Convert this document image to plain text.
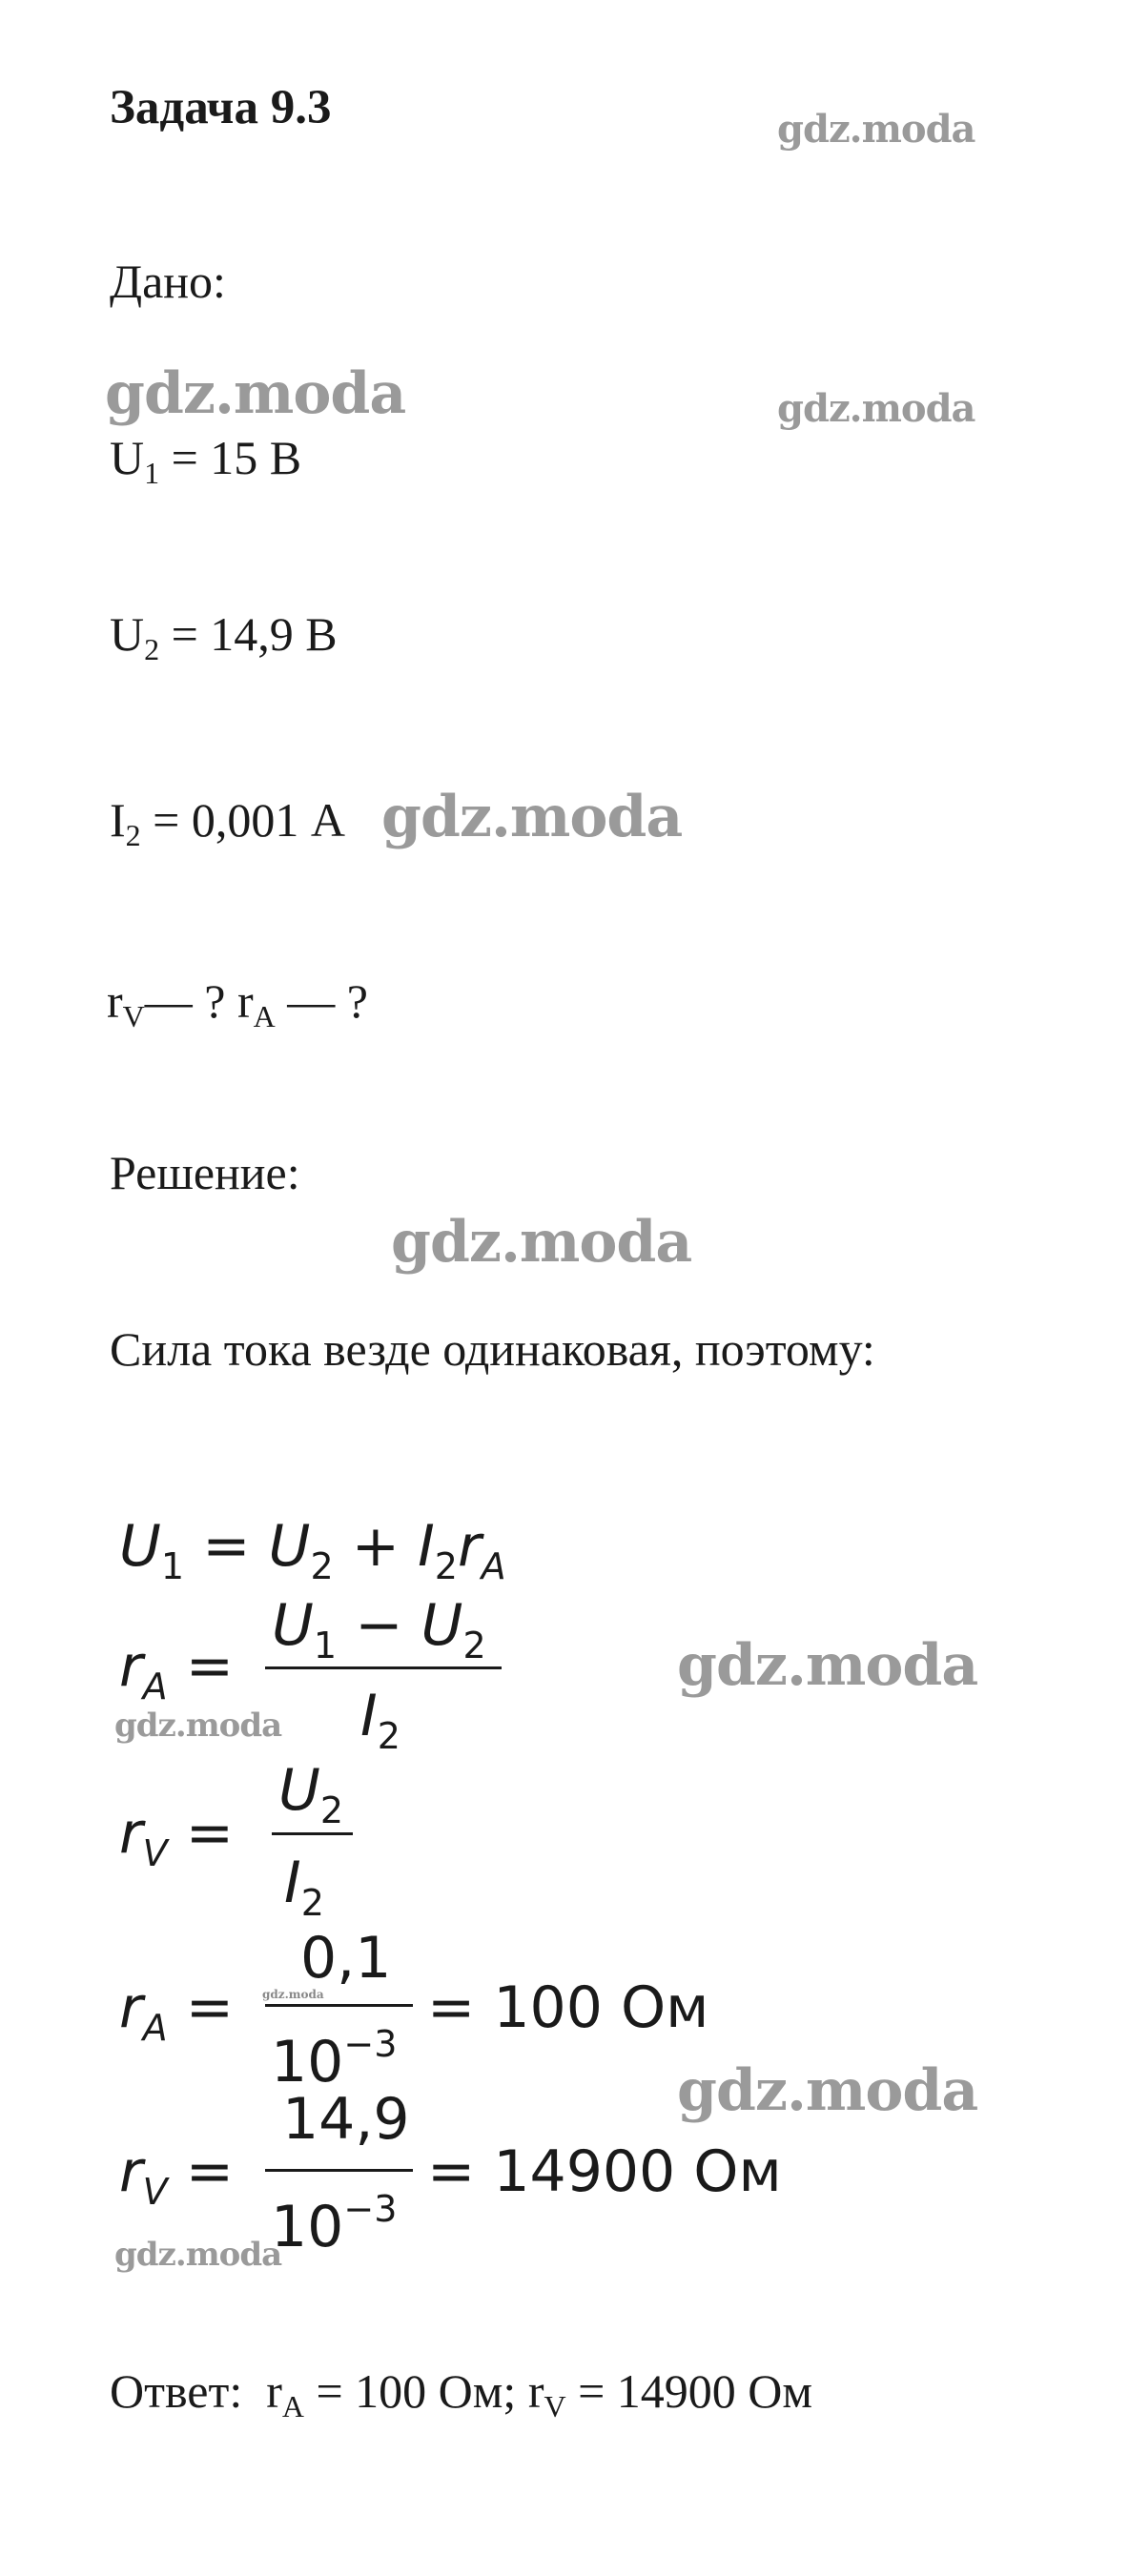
Задача 9.3
Дано:
$U_1 = 15$ В
$U_2 = 14,9$ В
$I_2 = 0,001$ А
$r_V—$ ? $r_A$ — ?
Решение:
Сила тока везде одинаковая, поэтому:
$U_1 = U_2 + I_2r_A$
$r_A$ =
$U_1 - U_2$
$I_2$
$r_V$ =
$U_2$
$I_2$
$r_A$ =
0,1
$10^{-3}$
= 100 Ом
$r_V$ =
14,9
$10^{-3}$
= 14900 Ом
Ответ: $r_A = 100$ Ом; $r_V = 14900$ Ом
gdz.moda
gdz.moda	gdz.moda
gdz.moda
gdz.moda
gdz.moda
gdz.moda
gdz.moda
gdz.moda
gdz.moda
